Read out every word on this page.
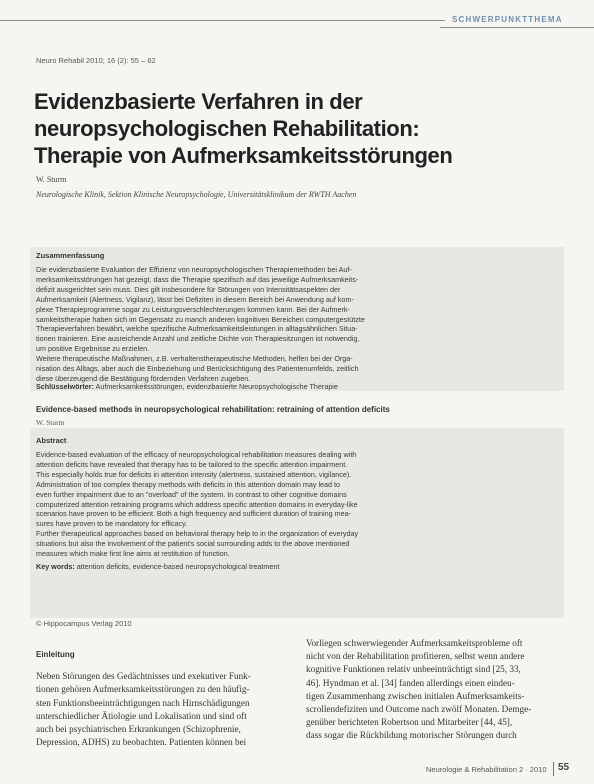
SCHWERPUNKTTHEMA
Neuro Rehabil 2010; 16 (2): 55 – 62
Evidenzbasierte Verfahren in der
neuropsychologischen Rehabilitation:
Therapie von Aufmerksamkeitsstörungen
W. Sturm
Neurologische Klinik, Sektion Klinische Neuropsychologie, Universitätsklinikum der RWTH Aachen
Zusammenfassung
Die evidenzbasierte Evaluation der Effizienz von neuropsychologischen Therapiemethoden bei Auf-
merksamkeitsstörungen hat gezeigt, dass die Therapie spezifisch auf das jeweilige Aufmerksamkeits-
defizit ausgerichtet sein muss. Dies gilt insbesondere für Störungen von Intensitätsaspekten der
Aufmerksamkeit (Alertness, Vigilanz), lässt bei Defiziten in diesem Bereich bei Anwendung auf kom-
plexe Therapieprogramme sogar zu Leistungsverschlechterungen kommen kann. Bei der Aufmerk-
samkeitstherapie haben sich im Gegensatz zu manch anderen kognitiven Bereichen computergestützte
Therapieverfahren bewährt, welche spezifische Aufmerksamkeitsleistungen in alltagsähnlichen Situa-
tionen trainieren. Eine ausreichende Anzahl und zeitliche Dichte von Therapiesitzungen ist notwendig,
um positive Ergebnisse zu erzielen.
Weitere therapeutische Maßnahmen, z.B. verhaltenstherapeutische Methoden, helfen bei der Orga-
nisation des Alltags, aber auch die Einbeziehung und Berücksichtigung des Patientenumfelds, zeitlich
diese überzeugend die Bestätigung fördernden Verfahren zugeben.
Schlüsselwörter: Aufmerksamkeitsstörungen, evidenzbasierte Neuropsychologische Therapie
Evidence-based methods in neuropsychological rehabilitation: retraining of attention deficits
W. Sturm
Abstract
Evidence-based evaluation of the efficacy of neuropsychological rehabilitation measures dealing with
attention deficits have revealed that therapy has to be tailored to the specific attention impairment.
This especially holds true for deficits in attention intensity (alertness, sustained attention, vigilance).
Administration of too complex therapy methods with deficits in this attention domain may lead to
even further impairment due to an "overload" of the system. In contrast to other cognitive domains
computerized attention retraining programs which address specific attention domains in everyday-like
scenarios have proven to be efficient. Both a high frequency and sufficient duration of training mea-
sures have proven to be mandatory for efficacy.
Further therapeutical approaches based on behavioral therapy help to in the organization of everyday
situations but also the involvement of the patient's social surrounding adds to the above mentioned
measures which make first line aims at restitution of function.
Key words: attention deficits, evidence-based neuropsychological treatment
© Hippocampus Verlag 2010
Einleitung
Neben Störungen des Gedächtnisses und exekutiver Funk-
tionen gehören Aufmerksamkeitsstörungen zu den häufig-
sten Funktionsbeeinträchtigungen nach Hirnschädigungen
unterschiedlicher Ätiologie und Lokalisation und sind oft
auch bei psychiatrischen Erkrankungen (Schizophrenie,
Depression, ADHS) zu beobachten. Patienten können bei
Vorliegen schwerwiegender Aufmerksamkeitsprobleme oft
nicht von der Rehabilitation profitieren, selbst wenn andere
kognitive Funktionen relativ unbeeinträchtigt sind [25, 33,
46]. Hyndman et al. [34] fanden allerdings einen eindeu-
tigen Zusammenhang zwischen initialen Aufmerksamkeits-
scrollendefiziten und Outcome nach zwölf Monaten. Demge-
genüber berichteten Robertson und Mitarbeiter [44, 45],
dass sogar die Rückbildung motorischer Störungen durch
Neurologie & Rehabilitation 2 · 2010 55
